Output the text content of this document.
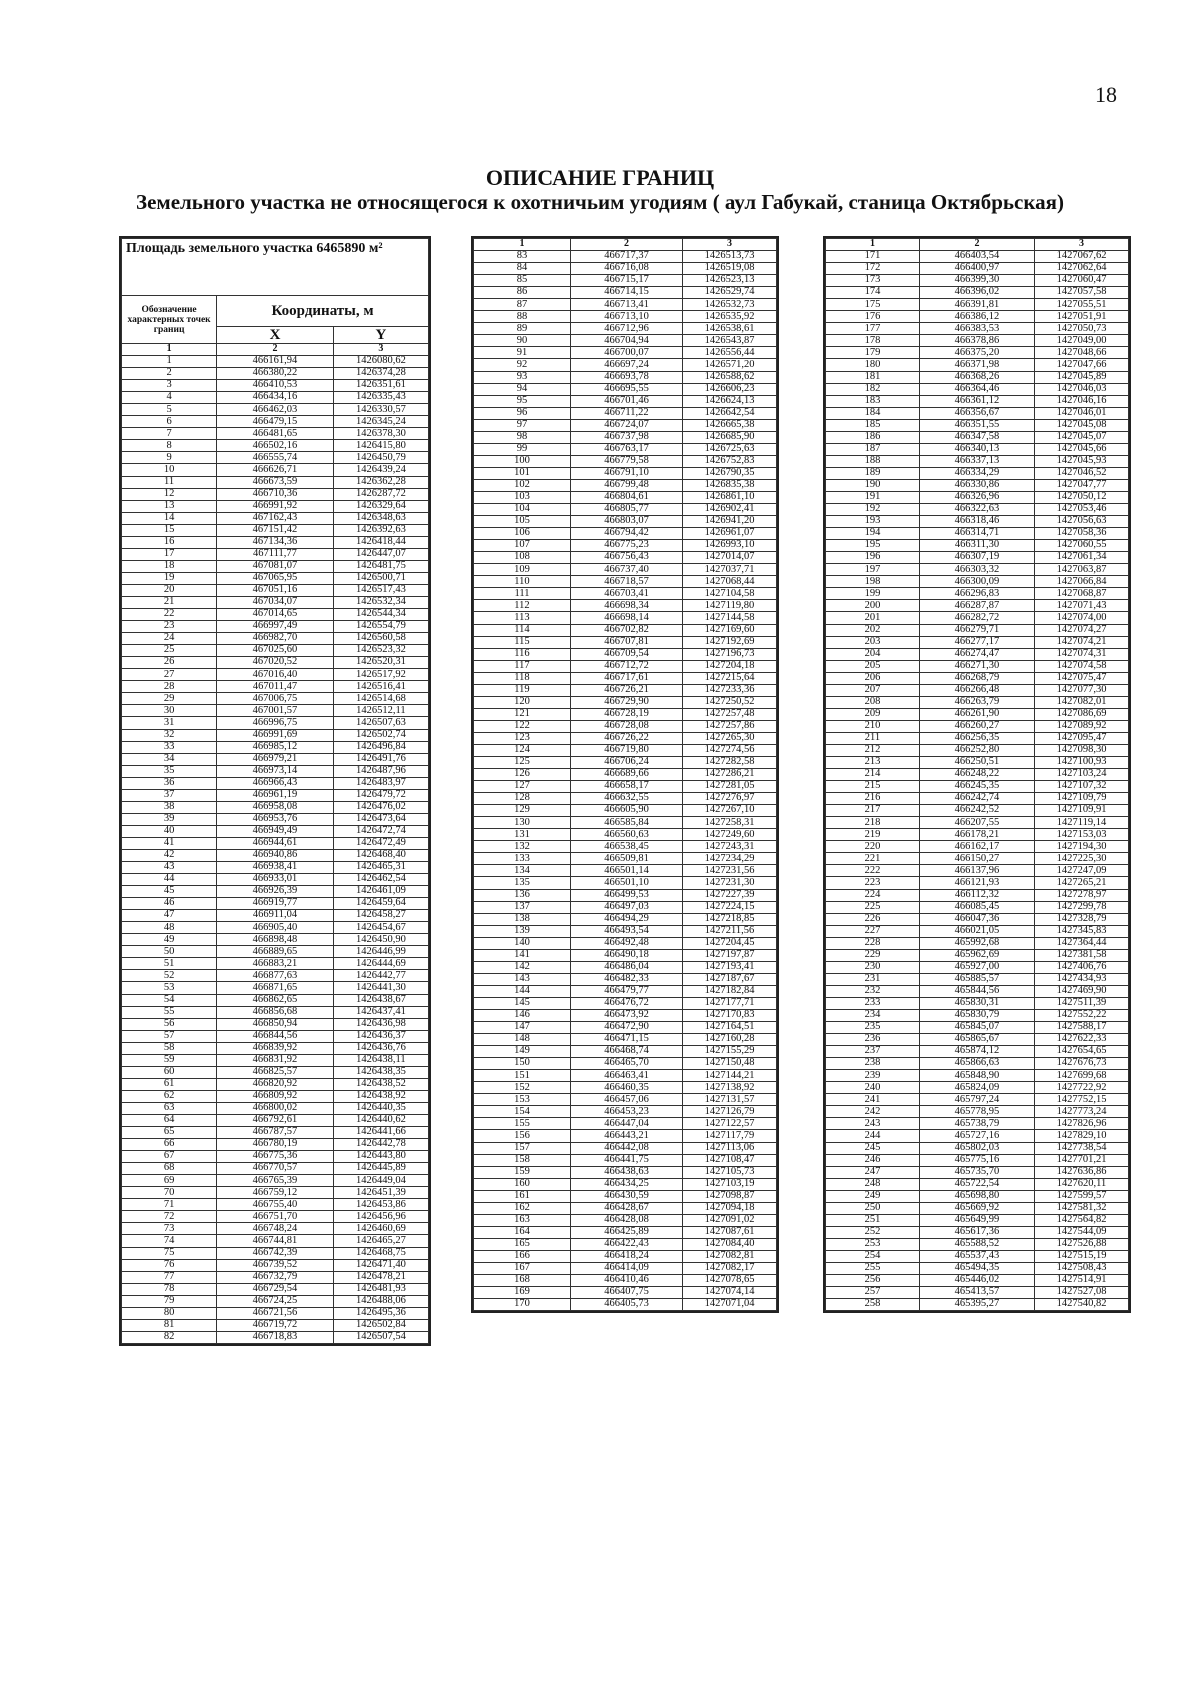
18
ОПИСАНИЕ ГРАНИЦ
Земельного участка не относящегося к охотничьим угодиям ( аул Габукай, станица Октябрьская)
Площадь земельного участка 6465890 м²		
Обозначение характерных точек границ	Координаты, м	
	X	Y
1	2	3
1	466161,94	1426080,62
2	466380,22	1426374,28
3	466410,53	1426351,61
4	466434,16	1426335,43
5	466462,03	1426330,57
6	466479,15	1426345,24
7	466481,65	1426378,30
8	466502,16	1426415,80
9	466555,74	1426450,79
10	466626,71	1426439,24
11	466673,59	1426362,28
12	466710,36	1426287,72
13	466991,92	1426329,64
14	467162,43	1426348,63
15	467151,42	1426392,63
16	467134,36	1426418,44
17	467111,77	1426447,07
18	467081,07	1426481,75
19	467065,95	1426500,71
20	467051,16	1426517,43
21	467034,07	1426532,34
22	467014,65	1426544,34
23	466997,49	1426554,79
24	466982,70	1426560,58
25	467025,60	1426523,32
26	467020,52	1426520,31
27	467016,40	1426517,92
28	467011,47	1426516,41
29	467006,75	1426514,68
30	467001,57	1426512,11
31	466996,75	1426507,63
32	466991,69	1426502,74
33	466985,12	1426496,84
34	466979,21	1426491,76
35	466973,14	1426487,96
36	466966,43	1426483,97
37	466961,19	1426479,72
38	466958,08	1426476,02
39	466953,76	1426473,64
40	466949,49	1426472,74
41	466944,61	1426472,49
42	466940,86	1426468,40
43	466938,41	1426465,31
44	466933,01	1426462,54
45	466926,39	1426461,09
46	466919,77	1426459,64
47	466911,04	1426458,27
48	466905,40	1426454,67
49	466898,48	1426450,90
50	466889,65	1426446,99
51	466883,21	1426444,69
52	466877,63	1426442,77
53	466871,65	1426441,30
54	466862,65	1426438,67
55	466856,68	1426437,41
56	466850,94	1426436,98
57	466844,56	1426436,37
58	466839,92	1426436,76
59	466831,92	1426438,11
60	466825,57	1426438,35
61	466820,92	1426438,52
62	466809,92	1426438,92
63	466800,02	1426440,35
64	466792,61	1426440,62
65	466787,57	1426441,66
66	466780,19	1426442,78
67	466775,36	1426443,80
68	466770,57	1426445,89
69	466765,39	1426449,04
70	466759,12	1426451,39
71	466755,40	1426453,86
72	466751,70	1426456,96
73	466748,24	1426460,69
74	466744,81	1426465,27
75	466742,39	1426468,75
76	466739,52	1426471,40
77	466732,79	1426478,21
78	466729,54	1426481,93
79	466724,25	1426488,06
80	466721,56	1426495,36
81	466719,72	1426502,84
82	466718,83	1426507,54
1	2	3
83	466717,37	1426513,73
84	466716,08	1426519,08
85	466715,17	1426523,13
86	466714,15	1426529,74
87	466713,41	1426532,73
88	466713,10	1426535,92
89	466712,96	1426538,61
90	466704,94	1426543,87
91	466700,07	1426556,44
92	466697,24	1426571,20
93	466693,78	1426588,62
94	466695,55	1426606,23
95	466701,46	1426624,13
96	466711,22	1426642,54
97	466724,07	1426665,38
98	466737,98	1426685,90
99	466763,17	1426725,63
100	466779,58	1426752,83
101	466791,10	1426790,35
102	466799,48	1426835,38
103	466804,61	1426861,10
104	466805,77	1426902,41
105	466803,07	1426941,20
106	466794,42	1426961,07
107	466775,23	1426993,10
108	466756,43	1427014,07
109	466737,40	1427037,71
110	466718,57	1427068,44
111	466703,41	1427104,58
112	466698,34	1427119,80
113	466698,14	1427144,58
114	466702,82	1427169,60
115	466707,81	1427192,69
116	466709,54	1427196,73
117	466712,72	1427204,18
118	466717,61	1427215,64
119	466726,21	1427233,36
120	466729,90	1427250,52
121	466728,19	1427257,48
122	466728,08	1427257,86
123	466726,22	1427265,30
124	466719,80	1427274,56
125	466706,24	1427282,58
126	466689,66	1427286,21
127	466658,17	1427281,05
128	466632,55	1427276,97
129	466605,90	1427267,10
130	466585,84	1427258,31
131	466560,63	1427249,60
132	466538,45	1427243,31
133	466509,81	1427234,29
134	466501,14	1427231,56
135	466501,10	1427231,30
136	466499,53	1427227,39
137	466497,03	1427224,15
138	466494,29	1427218,85
139	466493,54	1427211,56
140	466492,48	1427204,45
141	466490,18	1427197,87
142	466486,04	1427193,41
143	466482,33	1427187,67
144	466479,77	1427182,84
145	466476,72	1427177,71
146	466473,92	1427170,83
147	466472,90	1427164,51
148	466471,15	1427160,28
149	466468,74	1427155,29
150	466465,70	1427150,48
151	466463,41	1427144,21
152	466460,35	1427138,92
153	466457,06	1427131,57
154	466453,23	1427126,79
155	466447,04	1427122,57
156	466443,21	1427117,79
157	466442,08	1427113,06
158	466441,75	1427108,47
159	466438,63	1427105,73
160	466434,25	1427103,19
161	466430,59	1427098,87
162	466428,67	1427094,18
163	466428,08	1427091,02
164	466425,89	1427087,61
165	466422,43	1427084,40
166	466418,24	1427082,81
167	466414,09	1427082,17
168	466410,46	1427078,65
169	466407,75	1427074,14
170	466405,73	1427071,04
1	2	3
171	466403,54	1427067,62
172	466400,97	1427062,64
173	466399,30	1427060,47
174	466396,02	1427057,58
175	466391,81	1427055,51
176	466386,12	1427051,91
177	466383,53	1427050,73
178	466378,86	1427049,00
179	466375,20	1427048,66
180	466371,98	1427047,66
181	466368,26	1427045,89
182	466364,46	1427046,03
183	466361,12	1427046,16
184	466356,67	1427046,01
185	466351,55	1427045,08
186	466347,58	1427045,07
187	466340,13	1427045,66
188	466337,13	1427045,93
189	466334,29	1427046,52
190	466330,86	1427047,77
191	466326,96	1427050,12
192	466322,63	1427053,46
193	466318,46	1427056,63
194	466314,71	1427058,36
195	466311,30	1427060,55
196	466307,19	1427061,34
197	466303,32	1427063,87
198	466300,09	1427066,84
199	466296,83	1427068,87
200	466287,87	1427071,43
201	466282,72	1427074,00
202	466279,71	1427074,27
203	466277,17	1427074,21
204	466274,47	1427074,31
205	466271,30	1427074,58
206	466268,79	1427075,47
207	466266,48	1427077,30
208	466263,79	1427082,01
209	466261,90	1427086,69
210	466260,27	1427089,92
211	466256,35	1427095,47
212	466252,80	1427098,30
213	466250,51	1427100,93
214	466248,22	1427103,24
215	466245,35	1427107,32
216	466242,74	1427109,79
217	466242,52	1427109,91
218	466207,55	1427119,14
219	466178,21	1427153,03
220	466162,17	1427194,30
221	466150,27	1427225,30
222	466137,96	1427247,09
223	466121,93	1427265,21
224	466112,32	1427278,97
225	466085,45	1427299,78
226	466047,36	1427328,79
227	466021,05	1427345,83
228	465992,68	1427364,44
229	465962,69	1427381,58
230	465927,00	1427406,76
231	465885,57	1427434,93
232	465844,56	1427469,90
233	465830,31	1427511,39
234	465830,79	1427552,22
235	465845,07	1427588,17
236	465865,67	1427622,33
237	465874,12	1427654,65
238	465866,63	1427676,73
239	465848,90	1427699,68
240	465824,09	1427722,92
241	465797,24	1427752,15
242	465778,95	1427773,24
243	465738,79	1427826,96
244	465727,16	1427829,10
245	465802,03	1427738,54
246	465775,16	1427701,21
247	465735,70	1427636,86
248	465722,54	1427620,11
249	465698,80	1427599,57
250	465669,92	1427581,32
251	465649,99	1427564,82
252	465617,36	1427544,09
253	465588,52	1427526,88
254	465537,43	1427515,19
255	465494,35	1427508,43
256	465446,02	1427514,91
257	465413,57	1427527,08
258	465395,27	1427540,82
